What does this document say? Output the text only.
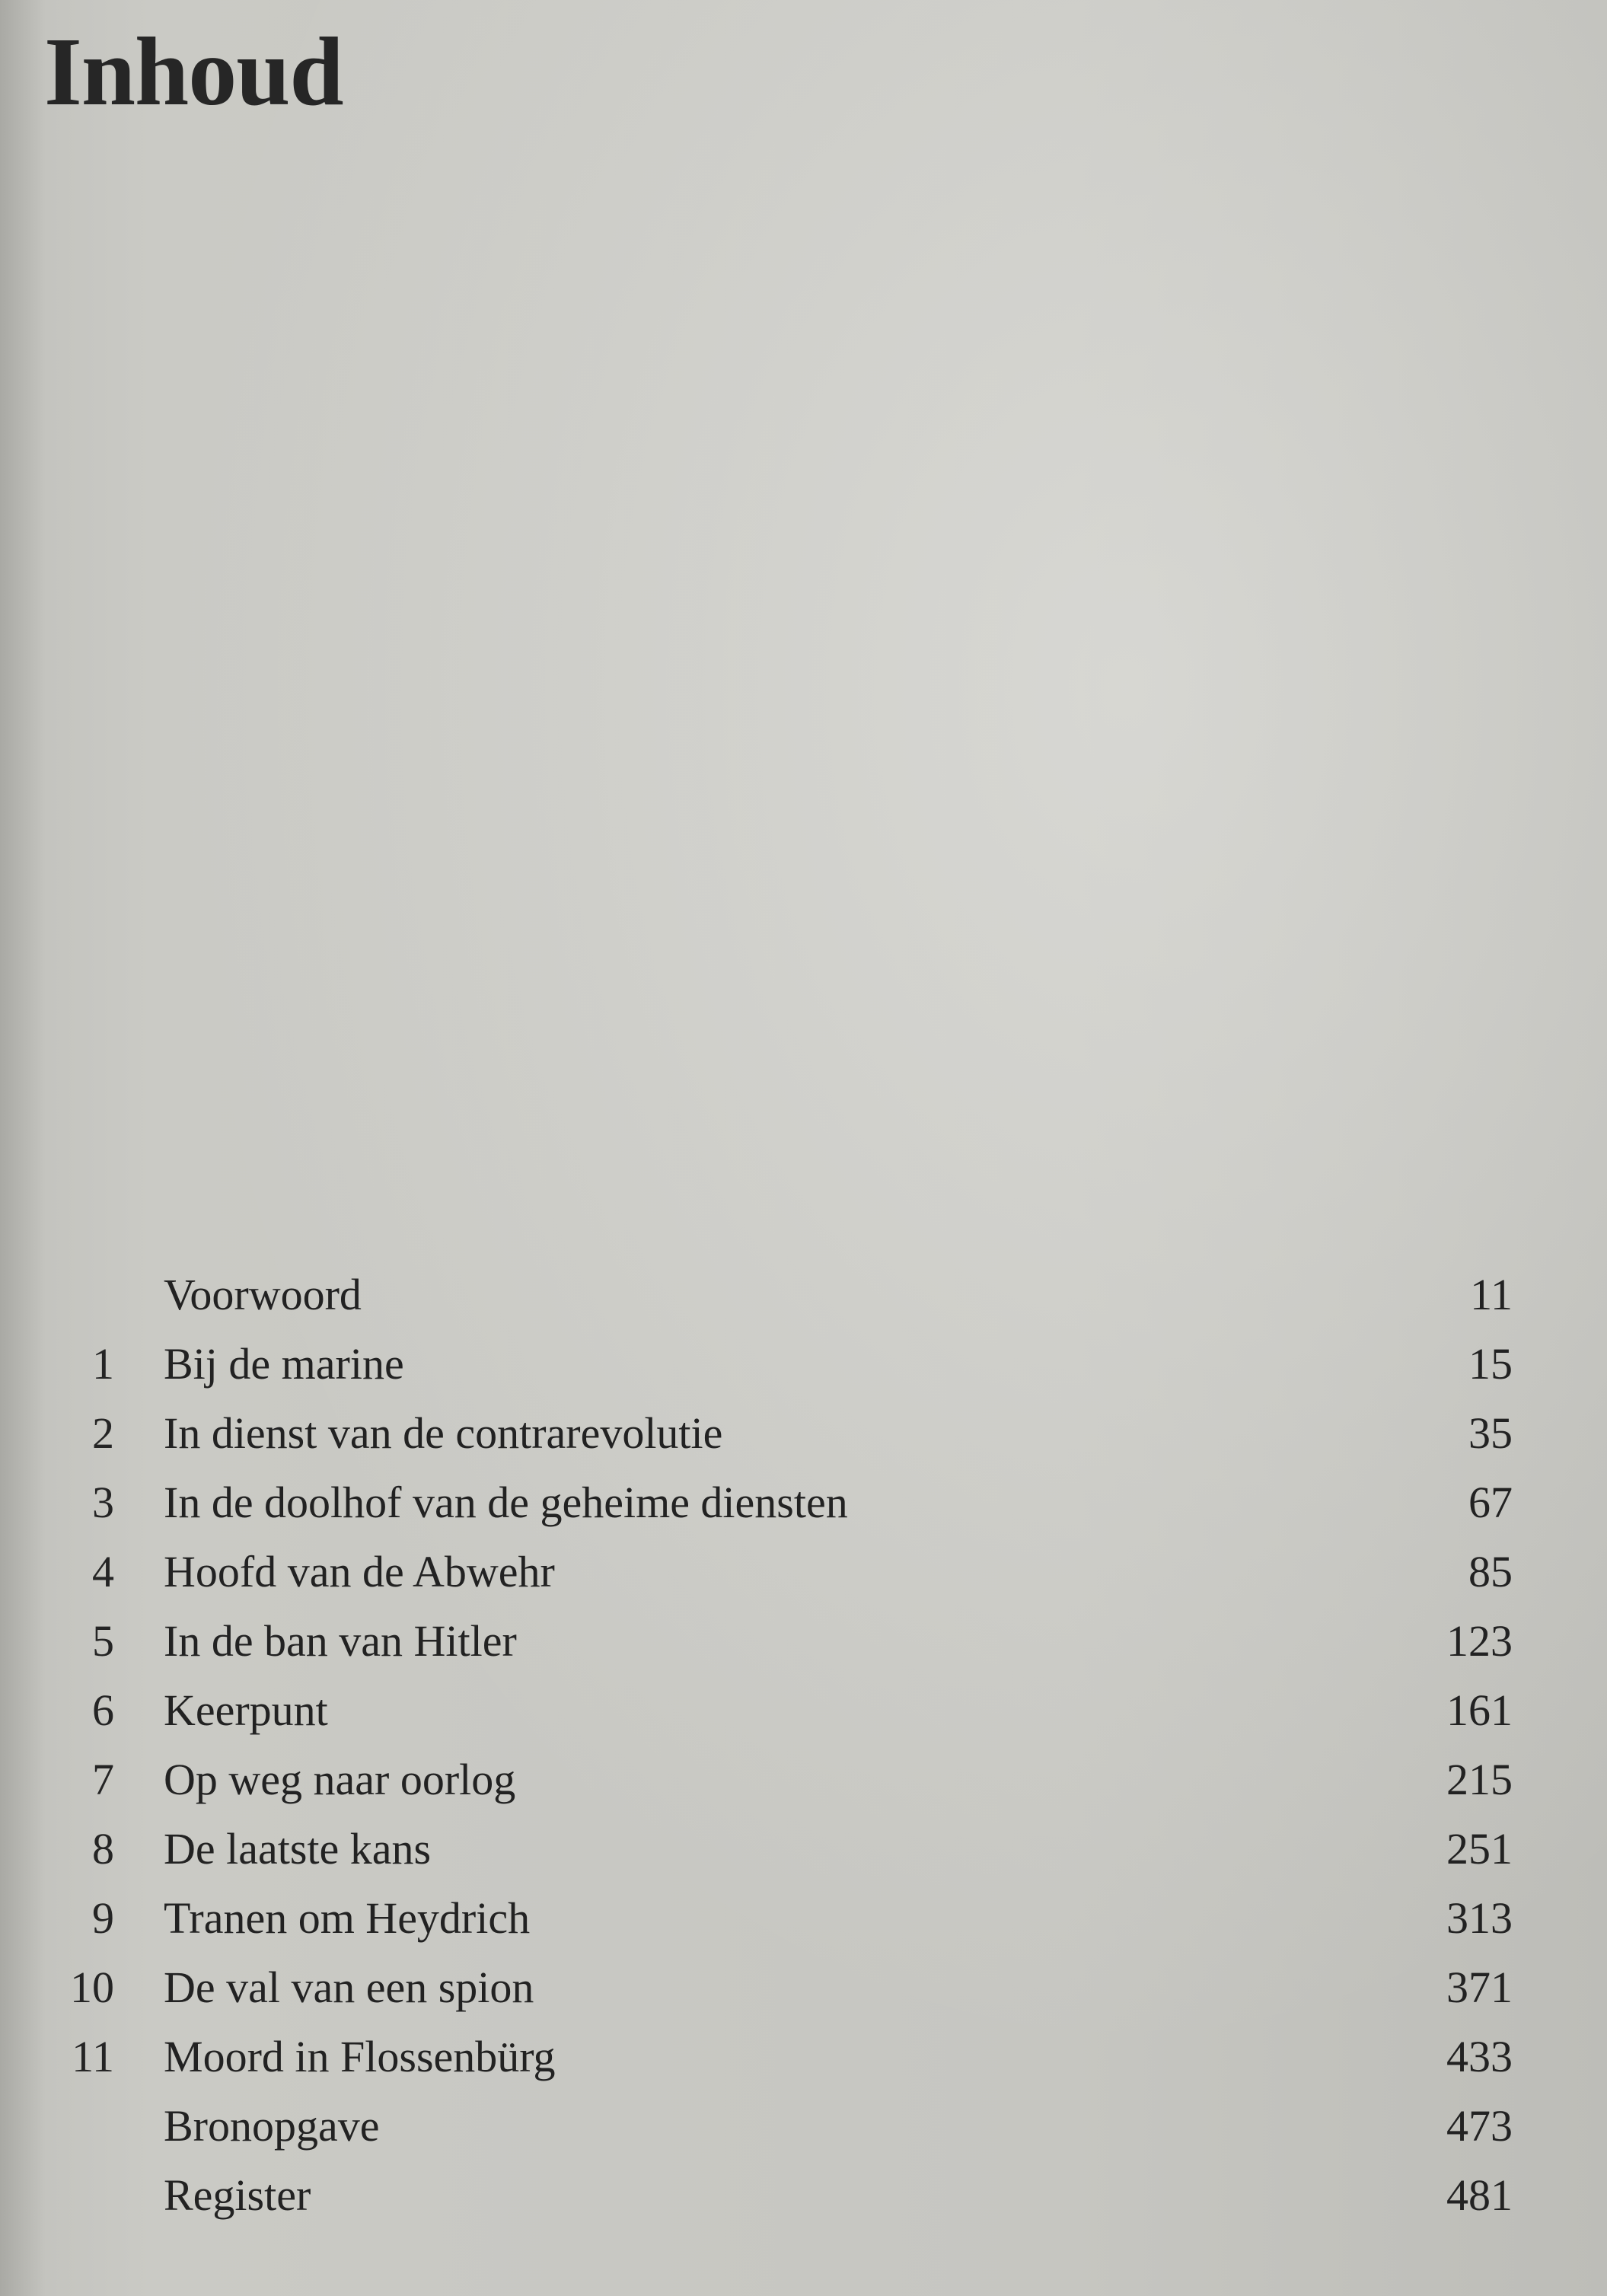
Inhoud
Voorwoord	11
1 Bij de marine	15
2 In dienst van de contrarevolutie	35
3 In de doolhof van de geheime diensten	67
4 Hoofd van de Abwehr	85
5 In de ban van Hitler	123
6 Keerpunt	161
7 Op weg naar oorlog	215
8 De laatste kans	251
9 Tranen om Heydrich	313
10 De val van een spion	371
11 Moord in Flossenbürg	433
Bronopgave	473
Register	481
